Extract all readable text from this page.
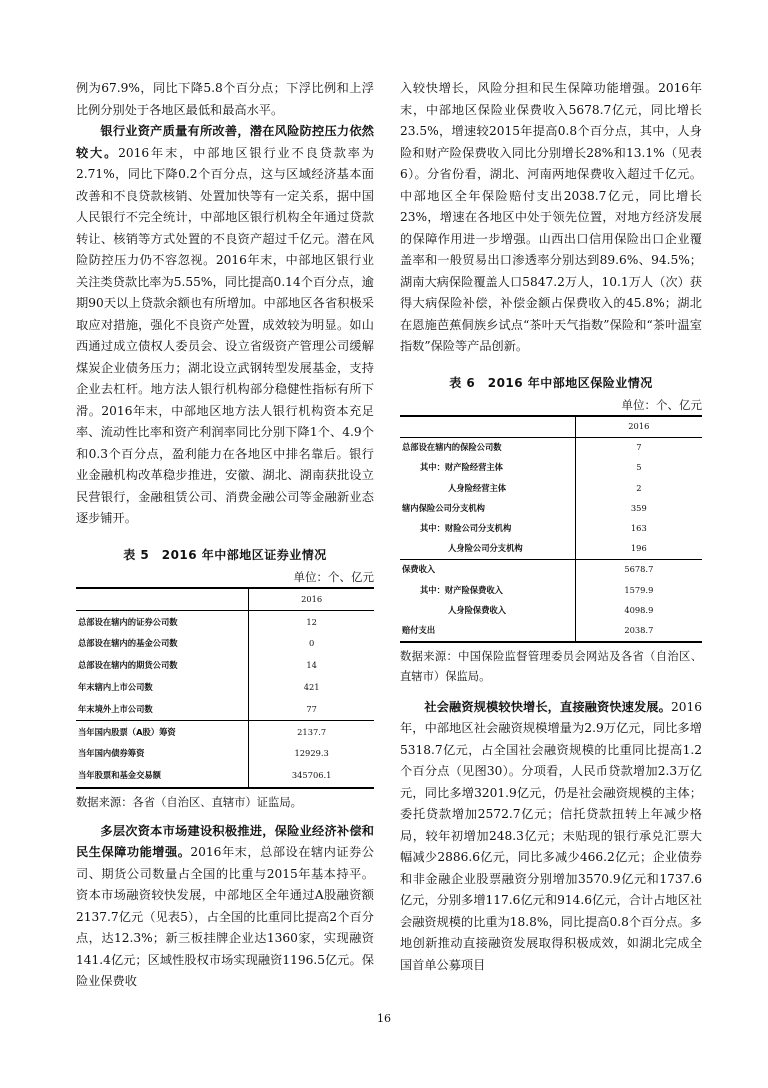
例为67.9%，同比下降5.8个百分点；下浮比例和上浮比例分别处于各地区最低和最高水平。

银行业资产质量有所改善，潜在风险防控压力依然较大。2016年末，中部地区银行业不良贷款率为2.71%，同比下降0.2个百分点，这与区域经济基本面改善和不良贷款核销、处置加快等有一定关系，据中国人民银行不完全统计，中部地区银行机构全年通过贷款转让、核销等方式处置的不良资产超过千亿元。潜在风险防控压力仍不容忽视。2016年末，中部地区银行业关注类贷款比率为5.55%，同比提高0.14个百分点，逾期90天以上贷款余额也有所增加。中部地区各省积极采取应对措施，强化不良资产处置，成效较为明显。如山西通过成立债权人委员会、设立省级资产管理公司缓解煤炭企业债务压力；湖北设立武钢转型发展基金，支持企业去杠杆。地方法人银行机构部分稳健性指标有所下滑。2016年末，中部地区地方法人银行机构资本充足率、流动性比率和资产利润率同比分别下降1个、4.9个和0.3个百分点，盈利能力在各地区中排名靠后。银行业金融机构改革稳步推进，安徽、湖北、湖南获批设立民营银行，金融租赁公司、消费金融公司等金融新业态逐步铺开。

表 5　2016 年中部地区证券业情况
单位：个、亿元
	2016
总部设在辖内的证券公司数	12
总部设在辖内的基金公司数	0
总部设在辖内的期货公司数	14
年末辖内上市公司数	421
年末境外上市公司数	77
当年国内股票（A股）筹资	2137.7
当年国内债券筹资	12929.3
当年股票和基金交易额	345706.1

数据来源：各省（自治区、直辖市）证监局。

多层次资本市场建设积极推进，保险业经济补偿和民生保障功能增强。2016年末，总部设在辖内证券公司、期货公司数量占全国的比重与2015年基本持平。资本市场融资较快发展，中部地区全年通过A股融资额2137.7亿元（见表5），占全国的比重同比提高2个百分点，达12.3%；新三板挂牌企业达1360家，实现融资141.4亿元；区域性股权市场实现融资1196.5亿元。保险业保费收

入较快增长，风险分担和民生保障功能增强。2016年末，中部地区保险业保费收入5678.7亿元，同比增长23.5%，增速较2015年提高0.8个百分点，其中，人身险和财产险保费收入同比分别增长28%和13.1%（见表6）。分省份看，湖北、河南两地保费收入超过千亿元。中部地区全年保险赔付支出2038.7亿元，同比增长23%，增速在各地区中处于领先位置，对地方经济发展的保障作用进一步增强。山西出口信用保险出口企业覆盖率和一般贸易出口渗透率分别达到89.6%、94.5%；湖南大病保险覆盖人口5847.2万人，10.1万人（次）获得大病保险补偿，补偿金额占保费收入的45.8%；湖北在恩施芭蕉侗族乡试点“茶叶天气指数”保险和“茶叶温室指数”保险等产品创新。

表 6　2016 年中部地区保险业情况
单位：个、亿元
	2016
总部设在辖内的保险公司数	7
其中：财产险经营主体	5
人身险经营主体	2
辖内保险公司分支机构	359
其中：财险公司分支机构	163
人身险公司分支机构	196
保费收入	5678.7
其中：财产险保费收入	1579.9
人身险保费收入	4098.9
赔付支出	2038.7

数据来源：中国保险监督管理委员会网站及各省（自治区、直辖市）保监局。

社会融资规模较快增长，直接融资快速发展。2016年，中部地区社会融资规模增量为2.9万亿元，同比多增5318.7亿元，占全国社会融资规模的比重同比提高1.2个百分点（见图30）。分项看，人民币贷款增加2.3万亿元，同比多增3201.9亿元，仍是社会融资规模的主体；委托贷款增加2572.7亿元；信托贷款扭转上年减少格局，较年初增加248.3亿元；未贴现的银行承兑汇票大幅减少2886.6亿元，同比多减少466.2亿元；企业债券和非金融企业股票融资分别增加3570.9亿元和1737.6亿元，分别多增117.6亿元和914.6亿元，合计占地区社会融资规模的比重为18.8%，同比提高0.8个百分点。多地创新推动直接融资发展取得积极成效，如湖北完成全国首单公募项目

16
